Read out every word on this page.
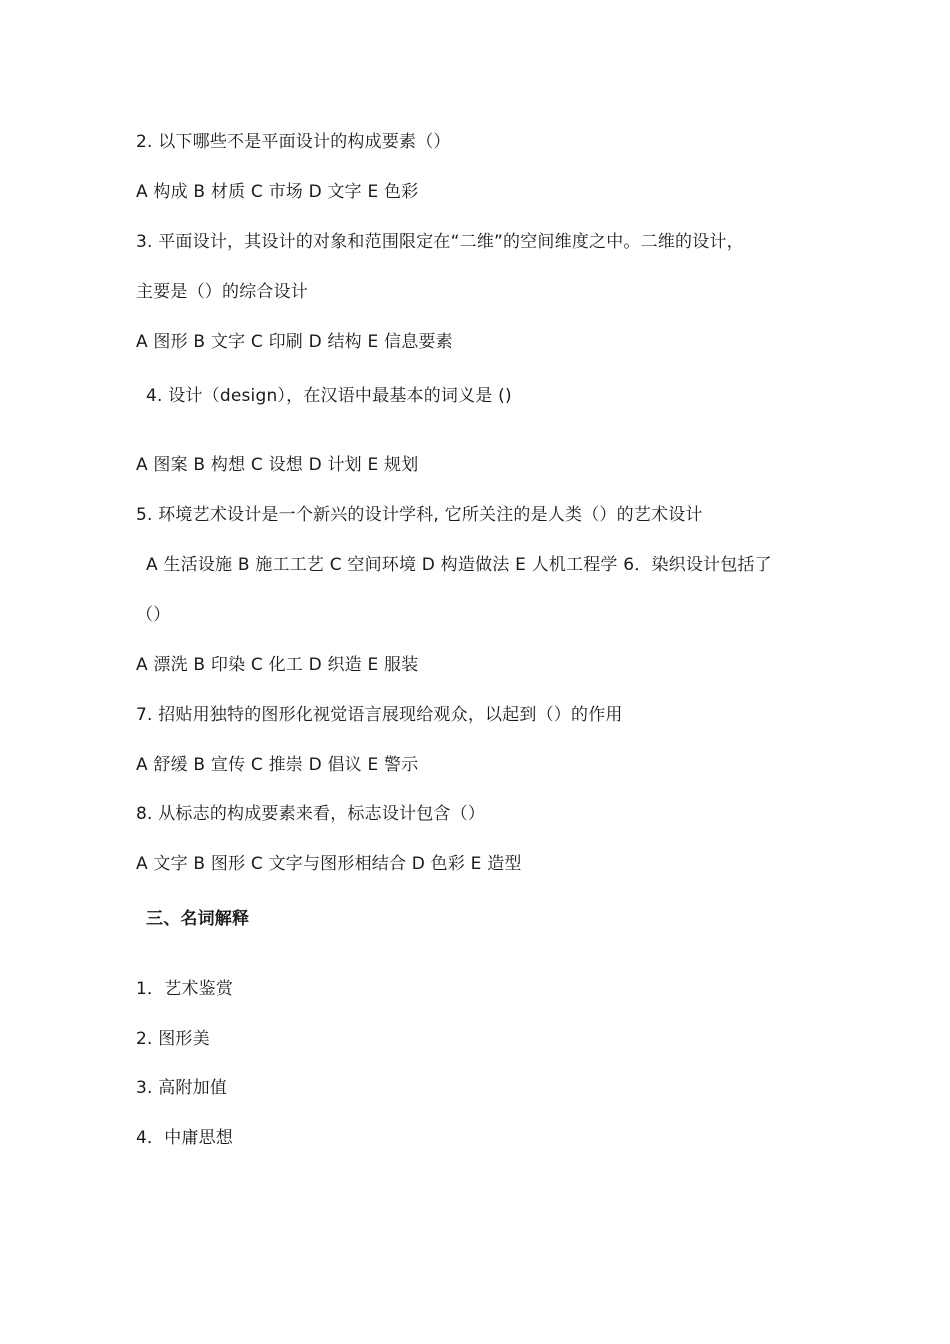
2. 以下哪些不是平面设计的构成要素（）
A 构成 B 材质 C 市场 D 文字 E 色彩
3. 平面设计，其设计的对象和范围限定在“二维”的空间维度之中。二维的设计，
主要是（）的综合设计
A 图形 B 文字 C 印刷 D 结构 E 信息要素
4. 设计（design），在汉语中最基本的词义是 ()
A 图案 B 构想 C 设想 D 计划 E 规划
5. 环境艺术设计是一个新兴的设计学科, 它所关注的是人类（）的艺术设计
A 生活设施 B 施工工艺 C 空间环境 D 构造做法 E 人机工程学 6．染织设计包括了
（）
A 漂洗 B 印染 C 化工 D 织造 E 服装
7. 招贴用独特的图形化视觉语言展现给观众，以起到（）的作用
A 舒缓 B 宣传 C 推崇 D 倡议 E 警示
8. 从标志的构成要素来看，标志设计包含（）
A 文字 B 图形 C 文字与图形相结合 D 色彩 E 造型
三、名词解释
1．艺术鉴赏
2. 图形美
3. 高附加值
4．中庸思想
